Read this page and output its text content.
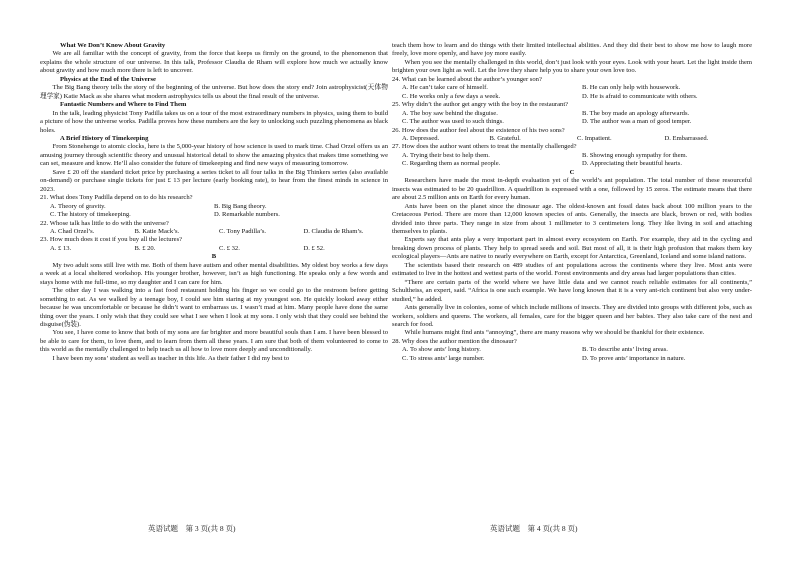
What We Don’t Know About Gravity

We are all familiar with the concept of gravity, from the force that keeps us firmly on the ground, to the phenomenon that explains the whole structure of our universe. In this talk, Professor Claudia de Rham will explore how much we actually know about gravity and how much more there is left to uncover.

Physics at the End of the Universe

The Big Bang theory tells the story of the beginning of the universe. But how does the story end? Join astrophysicist(天体物理学家) Katie Mack as she shares what modern astrophysics tells us about the final result of the universe.

Fantastic Numbers and Where to Find Them

In the talk, leading physicist Tony Padilla takes us on a tour of the most extraordinary numbers in physics, using them to build a picture of how the universe works. Padilla proves how these numbers are the key to unlocking such puzzling phenomena as black holes.

A Brief History of Timekeeping

From Stonehenge to atomic clocks, here is the 5,000-year history of how science is used to mark time. Chad Orzel offers us an amusing journey through scientific theory and unusual historical detail to show the amazing physics that makes time something we can set, measure and know. He’ll also consider the future of timekeeping and find new ways of measuring tomorrow.

Save £ 20 off the standard ticket price by purchasing a series ticket to all four talks in the Big Thinkers series (also available on-demand) or purchase single tickets for just £ 13 per lecture (early booking rate), to hear from the finest minds in science in 2023.

21. What does Tony Padilla depend on to do his research?

A. Theory of gravity.	B. Big Bang theory.
C. The history of timekeeping.	D. Remarkable numbers.

22. Whose talk has little to do with the universe?

A. Chad Orzel’s.	B. Katie Mack’s.	C. Tony Padilla’s.	D. Claudia de Rham’s.

23. How much does it cost if you buy all the lectures?

A. £ 13.	B. £ 20.	C. £ 32.	D. £ 52.

B

My two adult sons still live with me. Both of them have autism and other mental disabilities. My oldest boy works a few days a week at a local sheltered workshop. His younger brother, however, isn’t as high functioning. He speaks only a few words and stays home with me full-time, so my daughter and I can care for him.

The other day I was walking into a fast food restaurant holding his finger so we could go to the restroom before getting something to eat. As we walked by a teenage boy, I could see him staring at my youngest son. He quickly looked away either because he was uncomfortable or because he didn’t want to embarrass us. I wasn’t mad at him. Many people have done the same thing over the years. I only wish that they could see what I see when I look at my sons. I only wish that they could see behind the disguise(伪装).

You see, I have come to know that both of my sons are far brighter and more beautiful souls than I am. I have been blessed to be able to care for them, to love them, and to learn from them all these years. I am sure that both of them volunteered to come to this world as the mentally challenged to help teach us all how to love more deeply and unconditionally.

I have been my sons’ student as well as teacher in this life. As their father I did my best to

teach them how to learn and do things with their limited intellectual abilities. And they did their best to show me how to laugh more freely, love more openly, and have joy more easily.

When you see the mentally challenged in this world, don’t just look with your eyes. Look with your heart. Let the light inside them brighten your own light as well. Let the love they share help you to share your own love too.

24. What can be learned about the author’s younger son?

A. He can’t take care of himself.	B. He can only help with housework.
C. He works only a few days a week.	D. He is afraid to communicate with others.

25. Why didn’t the author get angry with the boy in the restaurant?

A. The boy saw behind the disguise.	B. The boy made an apology afterwards.
C. The author was used to such things.	D. The author was a man of good temper.

26. How does the author feel about the existence of his two sons?

A. Depressed.	B. Grateful.	C. Impatient.	D. Embarrassed.

27. How does the author want others to treat the mentally challenged?

A. Trying their best to help them.	B. Showing enough sympathy for them.
C. Regarding them as normal people.	D. Appreciating their beautiful hearts.

C

Researchers have made the most in-depth evaluation yet of the world’s ant population. The total number of these resourceful insects was estimated to be 20 quadrillion. A quadrillion is expressed with a one, followed by 15 zeros. The estimate means that there are about 2.5 million ants on Earth for every human.

Ants have been on the planet since the dinosaur age. The oldest-known ant fossil dates back about 100 million years to the Cretaceous Period. There are more than 12,000 known species of ants. Generally, the insects are black, brown or red, with bodies divided into three parts. They range in size from about 1 millimeter to 3 centimeters long. They like living in soil and attaching themselves to plants.

Experts say that ants play a very important part in almost every ecosystem on Earth. For example, they aid in the cycling and breaking down process of plants. They help to spread seeds and soil. But most of all, it is their high profusion that makes them key ecological players—Ants are native to nearly everywhere on Earth, except for Antarctica, Greenland, Iceland and some island nations.

The scientists based their research on 489 studies of ant populations across the continents where they live. Most ants were estimated to live in the hottest and wettest parts of the world. Forest environments and dry areas had larger populations than cities.

“There are certain parts of the world where we have little data and we cannot reach reliable estimates for all continents,” Schultheiss, an expert, said. “Africa is one such example. We have long known that it is a very ant-rich continent but also very under-studied,” he added.

Ants generally live in colonies, some of which include millions of insects. They are divided into groups with different jobs, such as workers, soldiers and queens. The workers, all females, care for the bigger queen and her babies. They also take care of the nest and search for food.

While humans might find ants “annoying”, there are many reasons why we should be thankful for their existence.

28. Why does the author mention the dinosaur?

A. To show ants’ long history.	B. To describe ants’ living areas.
C. To stress ants’ large number.	D. To prove ants’ importance in nature.
英语试题　第 3 页(共 8 页)	英语试题　第 4 页(共 8 页)
